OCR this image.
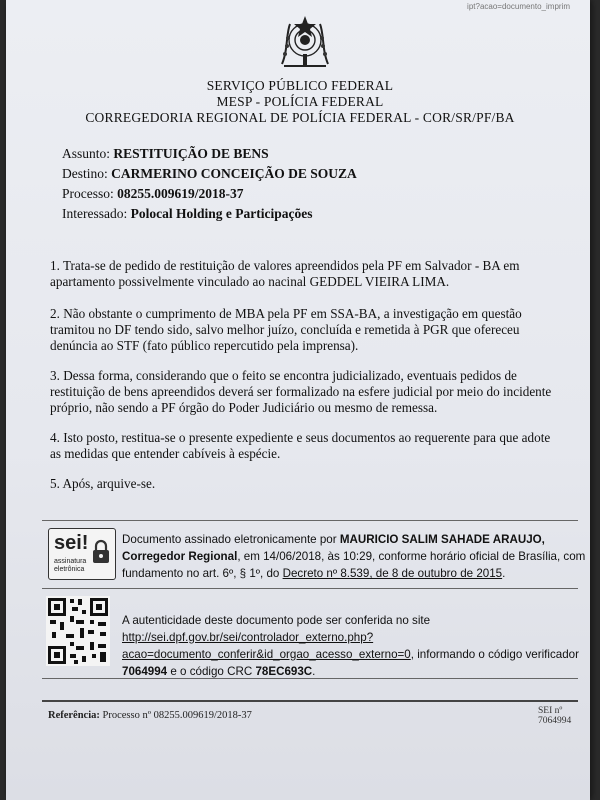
ipt?acao=documento_imprim
SERVIÇO PÚBLICO FEDERAL
MESP - POLÍCIA FEDERAL
CORREGEDORIA REGIONAL DE POLÍCIA FEDERAL - COR/SR/PF/BA
Assunto: RESTITUIÇÃO DE BENS
Destino: CARMERINO CONCEIÇÃO DE SOUZA
Processo: 08255.009619/2018-37
Interessado: Polocal Holding e Participações
1. Trata-se de pedido de restituição de valores apreendidos pela PF em Salvador - BA em apartamento possivelmente vinculado ao nacinal GEDDEL VIEIRA LIMA.
2. Não obstante o cumprimento de MBA pela PF em SSA-BA, a investigação em questão tramitou no DF tendo sido, salvo melhor juízo, concluída e remetida à PGR que ofereceu denúncia ao STF (fato público repercutido pela imprensa).
3. Dessa forma, considerando que o feito se encontra judicializado, eventuais pedidos de restituição de bens apreendidos deverá ser formalizado na esfere judicial por meio do incidente próprio, não sendo a PF órgão do Poder Judiciário ou mesmo de remessa.
4. Isto posto, restitua-se o presente expediente e seus documentos ao requerente para que adote as medidas que entender cabíveis à espécie.
5. Após, arquive-se.
sei!
assinatura
eletrônica
Documento assinado eletronicamente por MAURICIO SALIM SAHADE ARAUJO, Corregedor Regional, em 14/06/2018, às 10:29, conforme horário oficial de Brasília, com fundamento no art. 6º, § 1º, do Decreto nº 8.539, de 8 de outubro de 2015.
A autenticidade deste documento pode ser conferida no site http://sei.dpf.gov.br/sei/controlador_externo.php?acao=documento_conferir&id_orgao_acesso_externo=0, informando o código verificador 7064994 e o código CRC 78EC693C.
Referência: Processo nº 08255.009619/2018-37	SEI nº 7064994
